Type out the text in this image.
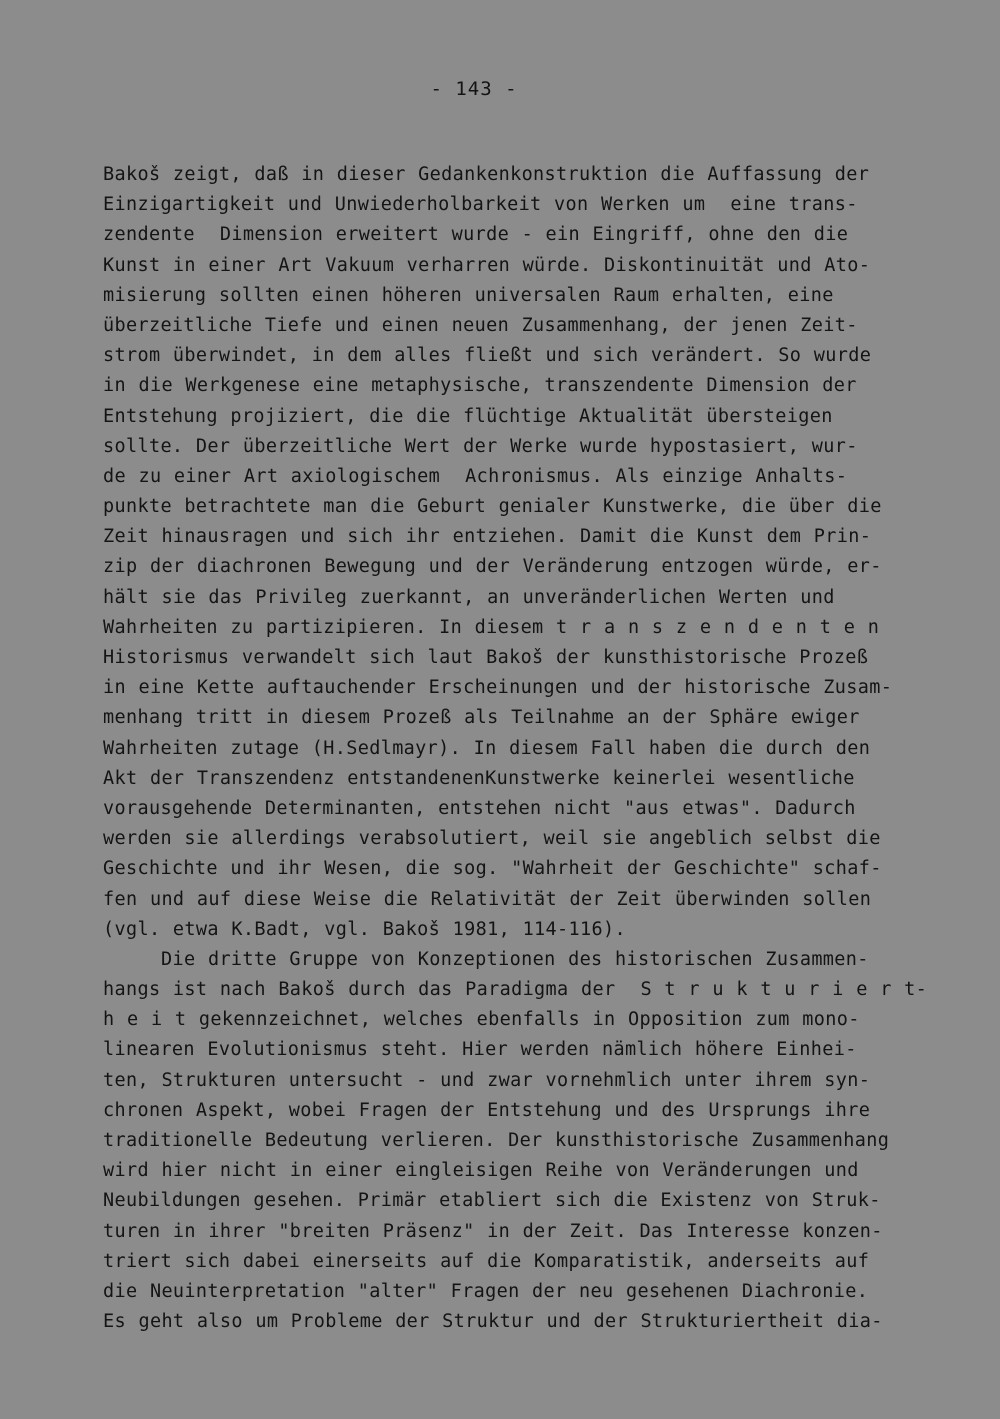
- 143 -
Bakoš zeigt, daß in dieser Gedankenkonstruktion die Auffassung der
Einzigartigkeit und Unwiederholbarkeit von Werken um  eine trans-
zendente  Dimension erweitert wurde - ein Eingriff, ohne den die
Kunst in einer Art Vakuum verharren würde. Diskontinuität und Ato-
misierung sollten einen höheren universalen Raum erhalten, eine
überzeitliche Tiefe und einen neuen Zusammenhang, der jenen Zeit-
strom überwindet, in dem alles fließt und sich verändert. So wurde
in die Werkgenese eine metaphysische, transzendente Dimension der
Entstehung projiziert, die die flüchtige Aktualität übersteigen
sollte. Der überzeitliche Wert der Werke wurde hypostasiert, wur-
de zu einer Art axiologischem  Achronismus. Als einzige Anhalts-
punkte betrachtete man die Geburt genialer Kunstwerke, die über die
Zeit hinausragen und sich ihr entziehen. Damit die Kunst dem Prin-
zip der diachronen Bewegung und der Veränderung entzogen würde, er-
hält sie das Privileg zuerkannt, an unveränderlichen Werten und
Wahrheiten zu partizipieren. In diesem t r a n s z e n d e n t e n
Historismus verwandelt sich laut Bakoš der kunsthistorische Prozeß
in eine Kette auftauchender Erscheinungen und der historische Zusam-
menhang tritt in diesem Prozeß als Teilnahme an der Sphäre ewiger
Wahrheiten zutage (H.Sedlmayr). In diesem Fall haben die durch den
Akt der Transzendenz entstandenenKunstwerke keinerlei wesentliche
vorausgehende Determinanten, entstehen nicht "aus etwas". Dadurch
werden sie allerdings verabsolutiert, weil sie angeblich selbst die
Geschichte und ihr Wesen, die sog. "Wahrheit der Geschichte" schaf-
fen und auf diese Weise die Relativität der Zeit überwinden sollen
(vgl. etwa K.Badt, vgl. Bakoš 1981, 114-116).
Die dritte Gruppe von Konzeptionen des historischen Zusammen-
hangs ist nach Bakoš durch das Paradigma der  S t r u k t u r i e r t-
h e i t gekennzeichnet, welches ebenfalls in Opposition zum mono-
linearen Evolutionismus steht. Hier werden nämlich höhere Einhei-
ten, Strukturen untersucht - und zwar vornehmlich unter ihrem syn-
chronen Aspekt, wobei Fragen der Entstehung und des Ursprungs ihre
traditionelle Bedeutung verlieren. Der kunsthistorische Zusammenhang
wird hier nicht in einer eingleisigen Reihe von Veränderungen und
Neubildungen gesehen. Primär etabliert sich die Existenz von Struk-
turen in ihrer "breiten Präsenz" in der Zeit. Das Interesse konzen-
triert sich dabei einerseits auf die Komparatistik, anderseits auf
die Neuinterpretation "alter" Fragen der neu gesehenen Diachronie.
Es geht also um Probleme der Struktur und der Strukturiertheit dia-
